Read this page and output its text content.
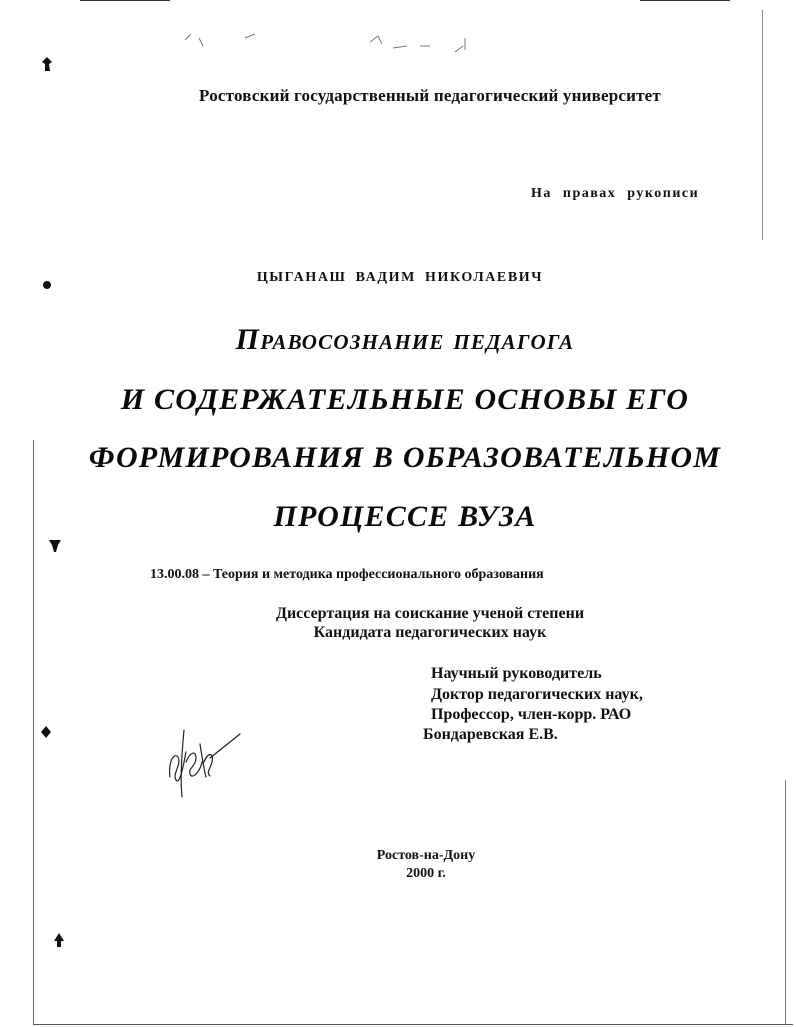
Ростовский государственный педагогический университет
На правах рукописи
ЦЫГАНАШ ВАДИМ НИКОЛАЕВИЧ
Правосознание педагога
И СОДЕРЖАТЕЛЬНЫЕ ОСНОВЫ ЕГО
ФОРМИРОВАНИЯ В ОБРАЗОВАТЕЛЬНОМ
ПРОЦЕССЕ ВУЗА
13.00.08 – Теория и методика профессионального образования
Диссертация на соискание ученой степени
Кандидата педагогических наук
Научный руководитель
Доктор педагогических наук,
Профессор, член-корр. РАО
Бондаревская Е.В.
Ростов-на-Дону
2000 г.
